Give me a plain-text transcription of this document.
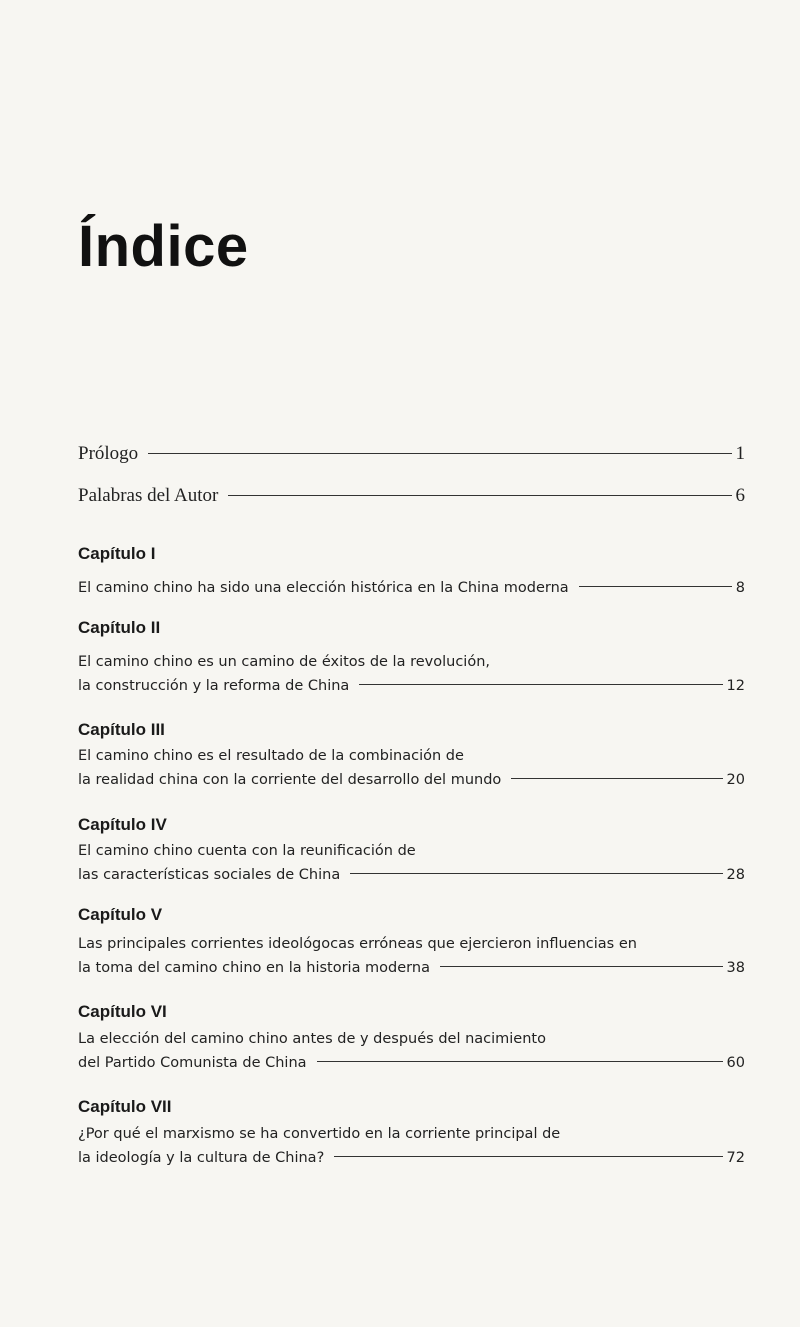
Índice
Prólogo	1
Palabras del Autor	6
Capítulo I
El camino chino ha sido una elección histórica en la China moderna	8
Capítulo II
El camino chino es un camino de éxitos de la revolución,
la construcción y la reforma de China	12
Capítulo III
El camino chino es el resultado de la combinación de
la realidad china con la corriente del desarrollo del mundo	20
Capítulo IV
El camino chino cuenta con la reunificación de
las características sociales de China	28
Capítulo V
Las principales corrientes ideológocas erróneas que ejercieron influencias en
la toma del camino chino en la historia moderna	38
Capítulo VI
La elección del camino chino antes de y después del nacimiento
del Partido Comunista de China	60
Capítulo VII
¿Por qué el marxismo se ha convertido en la corriente principal de
la ideología y la cultura de China?	72
